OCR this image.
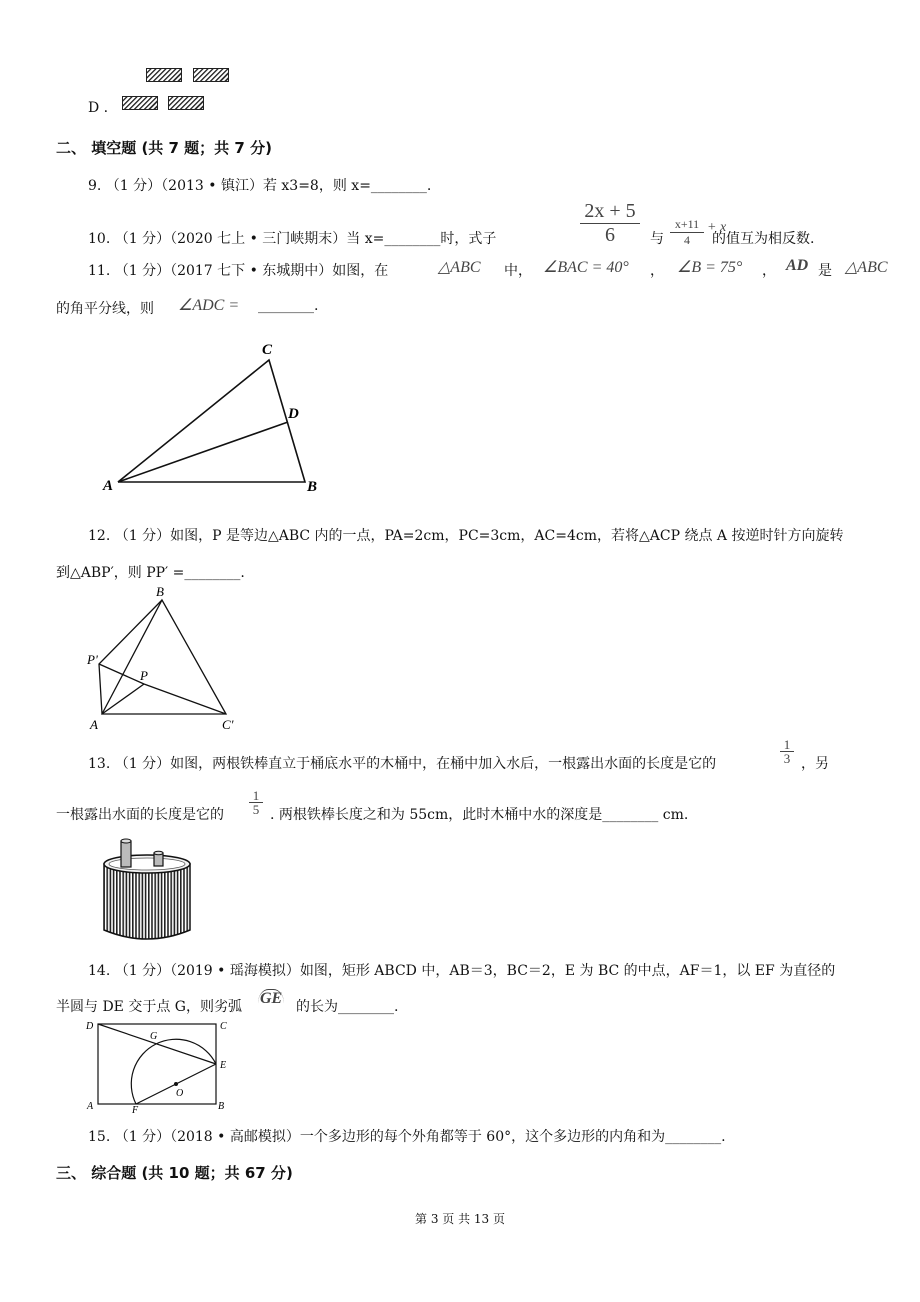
D .
二、 填空题 (共 7 题；共 7 分)
9. （1 分）（2013 • 镇江）若 x3=8，则 x=________.
10. （1 分）（2020 七上 • 三门峡期末）当 x=________时，式子
2x + 5
6	与
x+11
4
+ x
的值互为相反数.
11. （1 分）（2017 七下 • 东城期中）如图，在	△ABC 中， ∠BAC = 40° ， ∠B = 75° ， AD 是 △ABC
的角平分线，则 ∠ADC = ________.
A	B
C
D
12. （1 分）如图，P 是等边△ABC 内的一点，PA=2cm，PC=3cm，AC=4cm，若将△ACP 绕点 A 按逆时针方向旋转
到△ABP′，则 PP′ =________.
A
B
C'
P
P'
13. （1 分）如图，两根铁棒直立于桶底水平的木桶中，在桶中加入水后，一根露出水面的长度是它的
1
3 ，另
一根露出水面的长度是它的
1
5 . 两根铁棒长度之和为 55cm，此时木桶中水的深度是________ cm.
14. （1 分）（2019 • 瑶海模拟）如图，矩形 ABCD 中，AB＝3，BC＝2，E 为 BC 的中点，AF＝1，以 EF 为直径的
半圆与 DE 交于点 G，则劣弧 GE 的长为________.
D	C
A	B
E
F
G
O
15. （1 分）（2018 • 高邮模拟）一个多边形的每个外角都等于 60°，这个多边形的内角和为________.
三、 综合题 (共 10 题；共 67 分)
第 3 页 共 13 页
